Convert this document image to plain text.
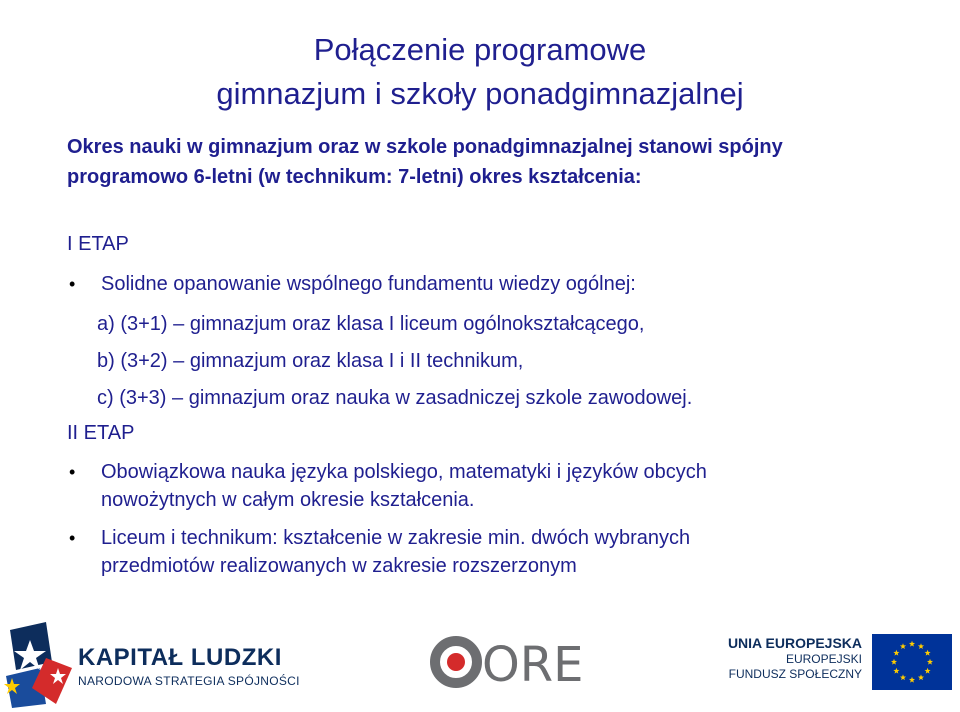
Połączenie programowe
gimnazjum i szkoły ponadgimnazjalnej
Okres nauki w gimnazjum oraz w szkole ponadgimnazjalnej stanowi spójny
programowo 6-letni (w technikum: 7-letni) okres kształcenia:
I ETAP
• Solidne opanowanie wspólnego fundamentu wiedzy ogólnej:
a) (3+1) – gimnazjum oraz klasa I liceum ogólnokształcącego,
b) (3+2) – gimnazjum oraz klasa I i II technikum,
c) (3+3) – gimnazjum oraz nauka w zasadniczej szkole zawodowej.
II ETAP
• Obowiązkowa nauka języka polskiego, matematyki i języków obcych
nowożytnych w całym okresie kształcenia.
• Liceum i technikum: kształcenie w zakresie min. dwóch wybranych
przedmiotów realizowanych w zakresie rozszerzonym
KAPITAŁ LUDZKI
NARODOWA STRATEGIA SPÓJNOŚCI	ORE	UNIA EUROPEJSKA
EUROPEJSKI
FUNDUSZ SPOŁECZNY
